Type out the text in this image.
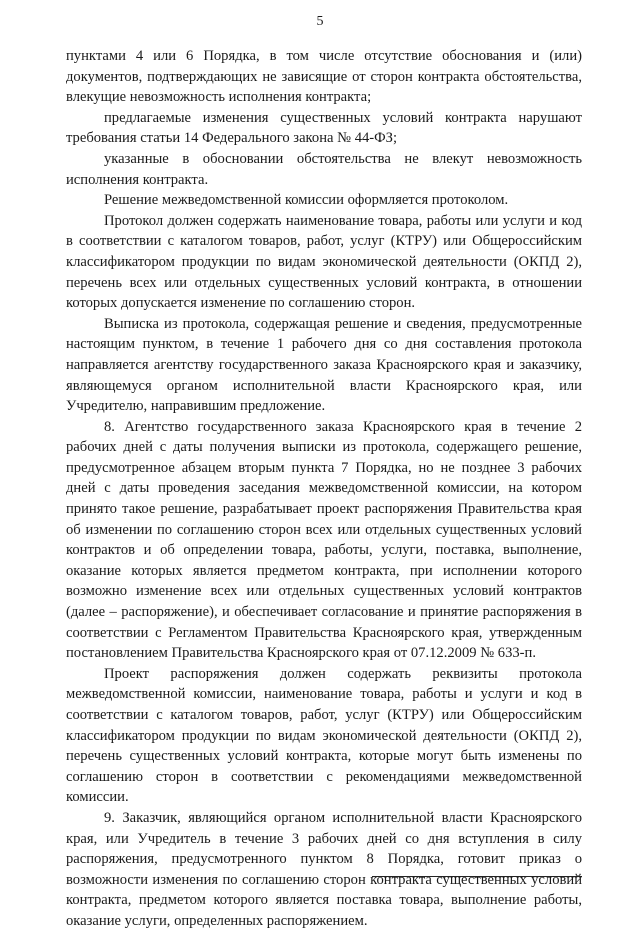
5

пунктами 4 или 6 Порядка, в том числе отсутствие обоснования и (или) документов, подтверждающих не зависящие от сторон контракта обстоятельства, влекущие невозможность исполнения контракта;

предлагаемые изменения существенных условий контракта нарушают требования статьи 14 Федерального закона № 44-ФЗ;

указанные в обосновании обстоятельства не влекут невозможность исполнения контракта.

Решение межведомственной комиссии оформляется протоколом.

Протокол должен содержать наименование товара, работы или услуги и код в соответствии с каталогом товаров, работ, услуг (КТРУ) или Общероссийским классификатором продукции по видам экономической деятельности (ОКПД 2), перечень всех или отдельных существенных условий контракта, в отношении которых допускается изменение по соглашению сторон.

Выписка из протокола, содержащая решение и сведения, предусмотренные настоящим пунктом, в течение 1 рабочего дня со дня составления протокола направляется агентству государственного заказа Красноярского края и заказчику, являющемуся органом исполнительной власти Красноярского края, или Учредителю, направившим предложение.

8. Агентство государственного заказа Красноярского края в течение 2 рабочих дней с даты получения выписки из протокола, содержащего решение, предусмотренное абзацем вторым пункта 7 Порядка, но не позднее 3 рабочих дней с даты проведения заседания межведомственной комиссии, на котором принято такое решение, разрабатывает проект распоряжения Правительства края об изменении по соглашению сторон всех или отдельных существенных условий контрактов и об определении товара, работы, услуги, поставка, выполнение, оказание которых является предметом контракта, при исполнении которого возможно изменение всех или отдельных существенных условий контрактов (далее – распоряжение), и обеспечивает согласование и принятие распоряжения в соответствии с Регламентом Правительства Красноярского края, утвержденным постановлением Правительства Красноярского края от 07.12.2009 № 633-п.

Проект распоряжения должен содержать реквизиты протокола межведомственной комиссии, наименование товара, работы и услуги и код в соответствии с каталогом товаров, работ, услуг (КТРУ) или Общероссийским классификатором продукции по видам экономической деятельности (ОКПД 2), перечень существенных условий контракта, которые могут быть изменены по соглашению сторон в соответствии с рекомендациями межведомственной комиссии.

9. Заказчик, являющийся органом исполнительной власти Красноярского края, или Учредитель в течение 3 рабочих дней со дня вступления в силу распоряжения, предусмотренного пунктом 8 Порядка, готовит приказ о возможности изменения по соглашению сторон контракта существенных условий контракта, предметом которого является поставка товара, выполнение работы, оказание услуги, определенных распоряжением.
